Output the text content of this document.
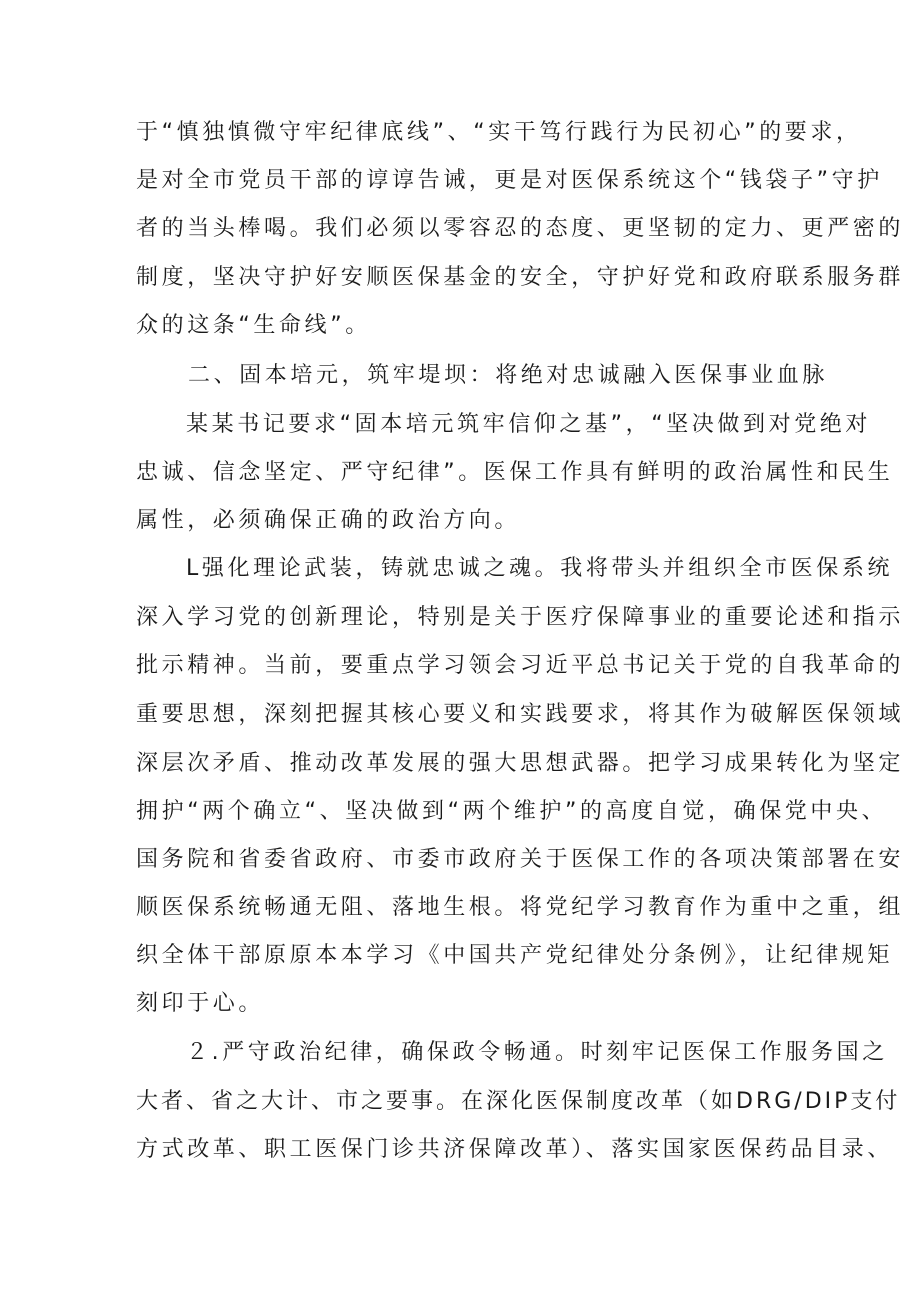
于“慎独慎微守牢纪律底线”、“实干笃行践行为民初心”的要求，
是对全市党员干部的谆谆告诫，更是对医保系统这个“钱袋子”守护
者的当头棒喝。我们必须以零容忍的态度、更坚韧的定力、更严密的
制度，坚决守护好安顺医保基金的安全，守护好党和政府联系服务群
众的这条“生命线”。
二、固本培元，筑牢堤坝：将绝对忠诚融入医保事业血脉
某某书记要求“固本培元筑牢信仰之基”，“坚决做到对党绝对
忠诚、信念坚定、严守纪律”。医保工作具有鲜明的政治属性和民生
属性，必须确保正确的政治方向。
L强化理论武装，铸就忠诚之魂。我将带头并组织全市医保系统
深入学习党的创新理论，特别是关于医疗保障事业的重要论述和指示
批示精神。当前，要重点学习领会习近平总书记关于党的自我革命的
重要思想，深刻把握其核心要义和实践要求，将其作为破解医保领域
深层次矛盾、推动改革发展的强大思想武器。把学习成果转化为坚定
拥护“两个确立“、坚决做到“两个维护”的高度自觉，确保党中央、
国务院和省委省政府、市委市政府关于医保工作的各项决策部署在安
顺医保系统畅通无阻、落地生根。将党纪学习教育作为重中之重，组
织全体干部原原本本学习《中国共产党纪律处分条例》，让纪律规矩
刻印于心。
２.严守政治纪律，确保政令畅通。时刻牢记医保工作服务国之
大者、省之大计、市之要事。在深化医保制度改革（如DRG/DIP支付
方式改革、职工医保门诊共济保障改革）、落实国家医保药品目录、
